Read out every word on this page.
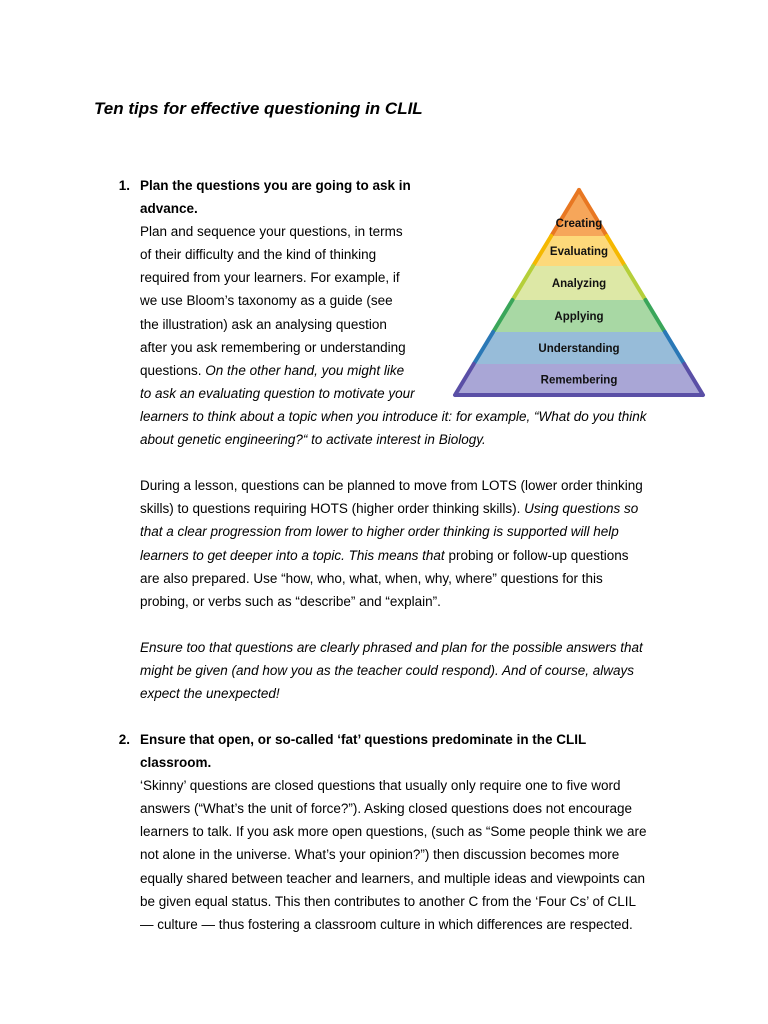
Ten tips for effective questioning in CLIL
1. Plan the questions you are going to ask in
advance.
Plan and sequence your questions, in terms
of their difficulty and the kind of thinking
required from your learners. For example, if
we use Bloom’s taxonomy as a guide (see
the illustration) ask an analysing question
after you ask remembering or understanding
questions. On the other hand, you might like
to ask an evaluating question to motivate your
learners to think about a topic when you introduce it: for example, “What do you think
about genetic engineering?“ to activate interest in Biology.
During a lesson, questions can be planned to move from LOTS (lower order thinking
skills) to questions requiring HOTS (higher order thinking skills). Using questions so
that a clear progression from lower to higher order thinking is supported will help
learners to get deeper into a topic. This means that probing or follow-up questions
are also prepared. Use “how, who, what, when, why, where” questions for this
probing, or verbs such as “describe” and “explain”.
Ensure too that questions are clearly phrased and plan for the possible answers that
might be given (and how you as the teacher could respond). And of course, always
expect the unexpected!
2. Ensure that open, or so-called ‘fat’ questions predominate in the CLIL
classroom.
‘Skinny’ questions are closed questions that usually only require one to five word
answers (“What’s the unit of force?”). Asking closed questions does not encourage
learners to talk. If you ask more open questions, (such as “Some people think we are
not alone in the universe. What’s your opinion?”) then discussion becomes more
equally shared between teacher and learners, and multiple ideas and viewpoints can
be given equal status. This then contributes to another C from the ‘Four Cs’ of CLIL
— culture — thus fostering a classroom culture in which differences are respected.
Creating
Evaluating
Analyzing
Applying
Understanding
Remembering
